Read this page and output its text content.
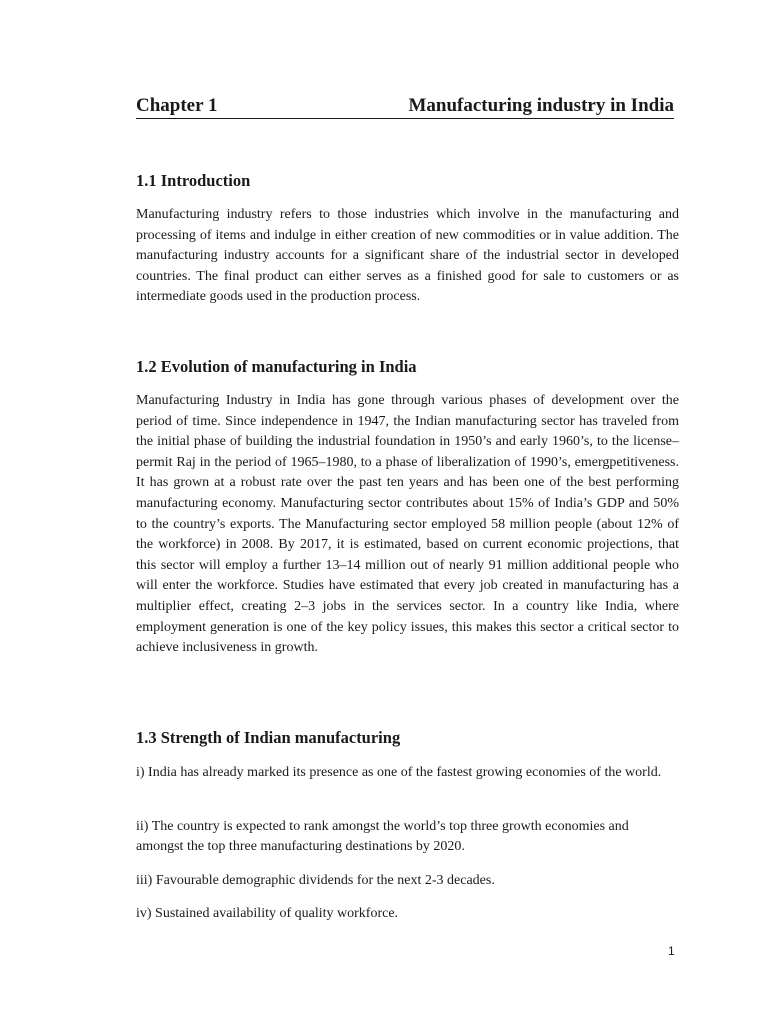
Chapter 1	Manufacturing industry in India
1.1 Introduction

Manufacturing industry refers to those industries which involve in the manufacturing and processing of items and indulge in either creation of new commodities or in value addition. The manufacturing industry accounts for a significant share of the industrial sector in developed countries. The final product can either serves as a finished good for sale to customers or as intermediate goods used in the production process.

1.2 Evolution of manufacturing in India

Manufacturing Industry in India has gone through various phases of development over the period of time. Since independence in 1947, the Indian manufacturing sector has traveled from the initial phase of building the industrial foundation in 1950’s and early 1960’s, to the license–permit Raj in the period of 1965–1980, to a phase of liberalization of 1990’s, emergpetitiveness. It has grown at a robust rate over the past ten years and has been one of the best performing manufacturing economy. Manufacturing sector contributes about 15% of India’s GDP and 50% to the country’s exports. The Manufacturing sector employed 58 million people (about 12% of the workforce) in 2008. By 2017, it is estimated, based on current economic projections, that this sector will employ a further 13–14 million out of nearly 91 million additional people who will enter the workforce. Studies have estimated that every job created in manufacturing has a multiplier effect, creating 2–3 jobs in the services sector. In a country like India, where employment generation is one of the key policy issues, this makes this sector a critical sector to achieve inclusiveness in growth.

1.3 Strength of Indian manufacturing

i) India has already marked its presence as one of the fastest growing economies of the world.

ii) The country is expected to rank amongst the world’s top three growth economies and amongst the top three manufacturing destinations by 2020.

iii) Favourable demographic dividends for the next 2-3 decades.

iv) Sustained availability of quality workforce.

1
